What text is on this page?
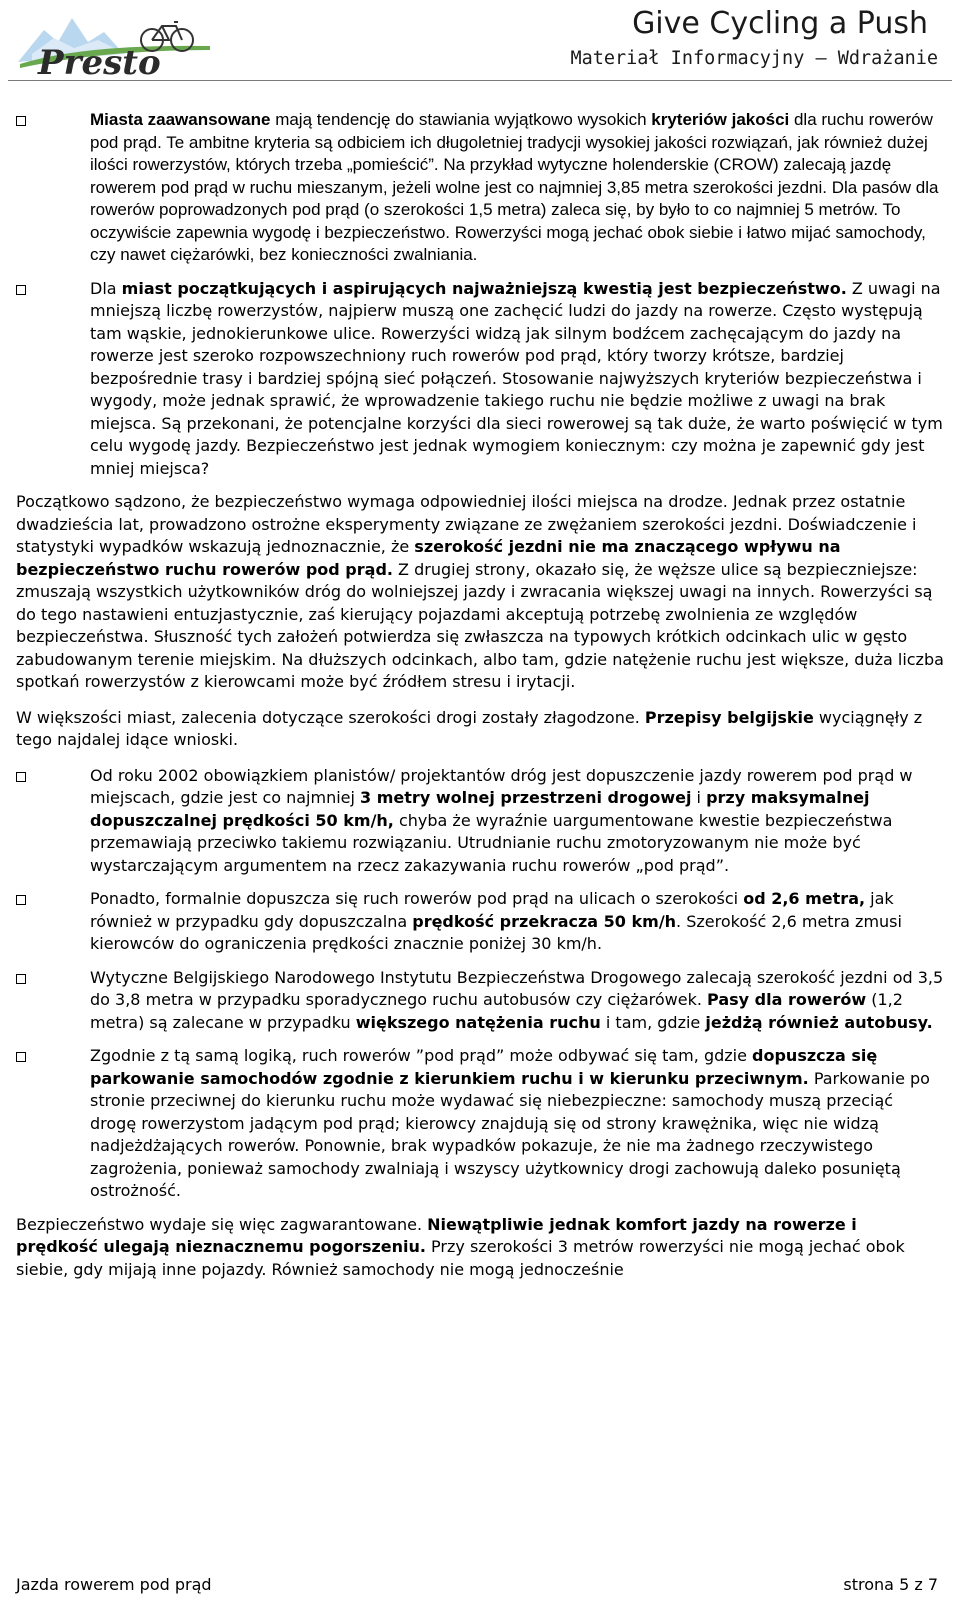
Presto
Give Cycling a Push
Materiał Informacyjny – Wdrażanie
Miasta zaawansowane mają tendencję do stawiania wyjątkowo wysokich kryteriów jakości dla ruchu rowerów pod prąd. Te ambitne kryteria są odbiciem ich długoletniej tradycji wysokiej jakości rozwiązań, jak również dużej ilości rowerzystów, których trzeba „pomieścić”. Na przykład wytyczne holenderskie (CROW) zalecają jazdę rowerem pod prąd w ruchu mieszanym, jeżeli wolne jest co najmniej 3,85 metra szerokości jezdni. Dla pasów dla rowerów poprowadzonych pod prąd (o szerokości 1,5 metra) zaleca się, by było to co najmniej 5 metrów. To oczywiście zapewnia wygodę i bezpieczeństwo. Rowerzyści mogą jechać obok siebie i łatwo mijać samochody, czy nawet ciężarówki, bez konieczności zwalniania.
Dla miast początkujących i aspirujących najważniejszą kwestią jest bezpieczeństwo. Z uwagi na mniejszą liczbę rowerzystów, najpierw muszą one zachęcić ludzi do jazdy na rowerze. Często występują tam wąskie, jednokierunkowe ulice. Rowerzyści widzą jak silnym bodźcem zachęcającym do jazdy na rowerze jest szeroko rozpowszechniony ruch rowerów pod prąd, który tworzy krótsze, bardziej bezpośrednie trasy i bardziej spójną sieć połączeń. Stosowanie najwyższych kryteriów bezpieczeństwa i wygody, może jednak sprawić, że wprowadzenie takiego ruchu nie będzie możliwe z uwagi na brak miejsca. Są przekonani, że potencjalne korzyści dla sieci rowerowej są tak duże, że warto poświęcić w tym celu wygodę jazdy. Bezpieczeństwo jest jednak wymogiem koniecznym: czy można je zapewnić gdy jest mniej miejsca?

Początkowo sądzono, że bezpieczeństwo wymaga odpowiedniej ilości miejsca na drodze. Jednak przez ostatnie dwadzieścia lat, prowadzono ostrożne eksperymenty związane ze zwężaniem szerokości jezdni. Doświadczenie i statystyki wypadków wskazują jednoznacznie, że szerokość jezdni nie ma znaczącego wpływu na bezpieczeństwo ruchu rowerów pod prąd. Z drugiej strony, okazało się, że węższe ulice są bezpieczniejsze: zmuszają wszystkich użytkowników dróg do wolniejszej jazdy i zwracania większej uwagi na innych. Rowerzyści są do tego nastawieni entuzjastycznie, zaś kierujący pojazdami akceptują potrzebę zwolnienia ze względów bezpieczeństwa. Słuszność tych założeń potwierdza się zwłaszcza na typowych krótkich odcinkach ulic w gęsto zabudowanym terenie miejskim. Na dłuższych odcinkach, albo tam, gdzie natężenie ruchu jest większe, duża liczba spotkań rowerzystów z kierowcami może być źródłem stresu i irytacji.

W większości miast, zalecenia dotyczące szerokości drogi zostały złagodzone. Przepisy belgijskie wyciągnęły z tego najdalej idące wnioski.

Od roku 2002 obowiązkiem planistów/ projektantów dróg jest dopuszczenie jazdy rowerem pod prąd w miejscach, gdzie jest co najmniej 3 metry wolnej przestrzeni drogowej i przy maksymalnej dopuszczalnej prędkości 50 km/h, chyba że wyraźnie uargumentowane kwestie bezpieczeństwa przemawiają przeciwko takiemu rozwiązaniu. Utrudnianie ruchu zmotoryzowanym nie może być wystarczającym argumentem na rzecz zakazywania ruchu rowerów „pod prąd”.
Ponadto, formalnie dopuszcza się ruch rowerów pod prąd na ulicach o szerokości od 2,6 metra, jak również w przypadku gdy dopuszczalna prędkość przekracza 50 km/h. Szerokość 2,6 metra zmusi kierowców do ograniczenia prędkości znacznie poniżej 30 km/h.
Wytyczne Belgijskiego Narodowego Instytutu Bezpieczeństwa Drogowego zalecają szerokość jezdni od 3,5 do 3,8 metra w przypadku sporadycznego ruchu autobusów czy ciężarówek. Pasy dla rowerów (1,2 metra) są zalecane w przypadku większego natężenia ruchu i tam, gdzie jeżdżą również autobusy.
Zgodnie z tą samą logiką, ruch rowerów ”pod prąd” może odbywać się tam, gdzie dopuszcza się parkowanie samochodów zgodnie z kierunkiem ruchu i w kierunku przeciwnym. Parkowanie po stronie przeciwnej do kierunku ruchu może wydawać się niebezpieczne: samochody muszą przeciąć drogę rowerzystom jadącym pod prąd; kierowcy znajdują się od strony krawężnika, więc nie widzą nadjeżdżających rowerów. Ponownie, brak wypadków pokazuje, że nie ma żadnego rzeczywistego zagrożenia, ponieważ samochody zwalniają i wszyscy użytkownicy drogi zachowują daleko posuniętą ostrożność.

Bezpieczeństwo wydaje się więc zagwarantowane. Niewątpliwie jednak komfort jazdy na rowerze i prędkość ulegają nieznacznemu pogorszeniu. Przy szerokości 3 metrów rowerzyści nie mogą jechać obok siebie, gdy mijają inne pojazdy. Również samochody nie mogą jednocześnie

Jazda rowerem pod prąd	strona 5 z 7
